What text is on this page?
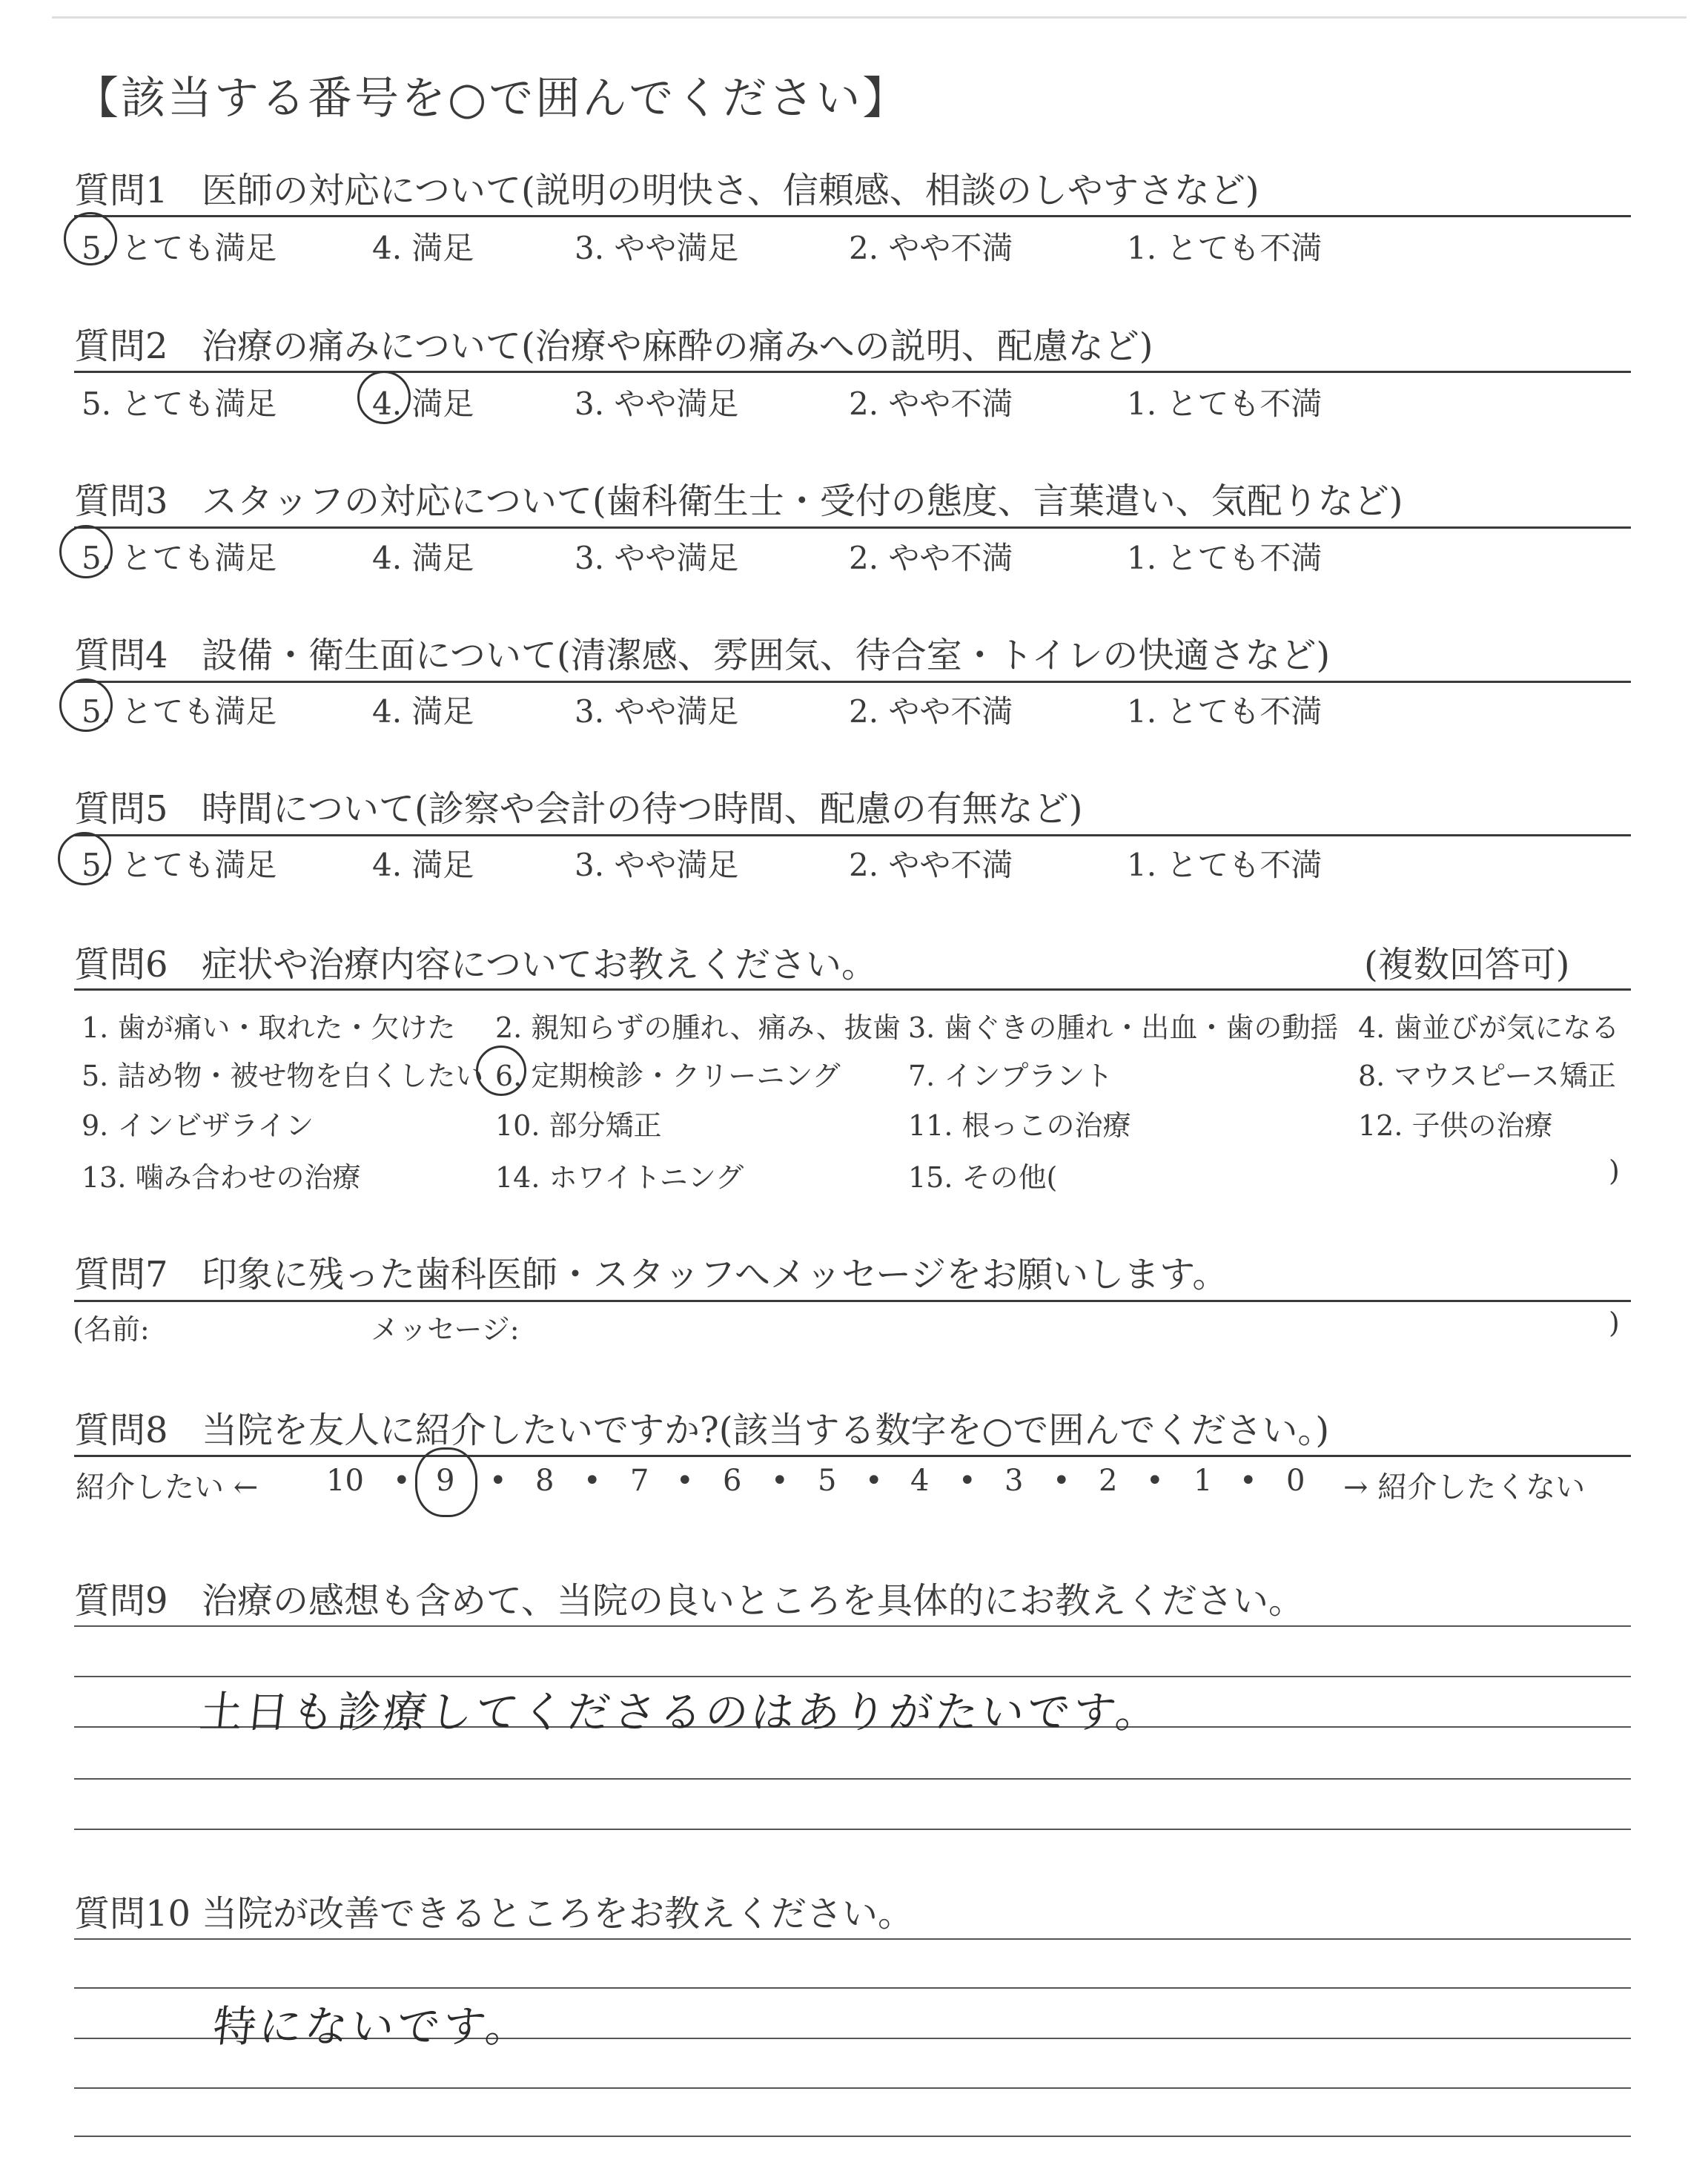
【該当する番号を○で囲んでください】
質問1 医師の対応について(説明の明快さ、信頼感、相談のしやすさなど)
5. とても満足	4. 満足	3. やや満足	2. やや不満	1. とても不満
質問2 治療の痛みについて(治療や麻酔の痛みへの説明、配慮など)
5. とても満足	4. 満足	3. やや満足	2. やや不満	1. とても不満
質問3 スタッフの対応について(歯科衛生士・受付の態度、言葉遣い、気配りなど)
5. とても満足	4. 満足	3. やや満足	2. やや不満	1. とても不満
質問4 設備・衛生面について(清潔感、雰囲気、待合室・トイレの快適さなど)
5. とても満足	4. 満足	3. やや満足	2. やや不満	1. とても不満
質問5 時間について(診察や会計の待つ時間、配慮の有無など)
5. とても満足	4. 満足	3. やや満足	2. やや不満	1. とても不満
質問6 症状や治療内容についてお教えください。	(複数回答可)
1. 歯が痛い・取れた・欠けた 2. 親知らずの腫れ、痛み、抜歯 3. 歯ぐきの腫れ・出血・歯の動揺 4. 歯並びが気になる
5. 詰め物・被せ物を白くしたい 6. 定期検診・クリーニング 7. インプラント	8. マウスピース矯正
9. インビザライン	10. 部分矯正	11. 根っこの治療	12. 子供の治療
13. 噛み合わせの治療	14. ホワイトニング	15. その他(	)
質問7 印象に残った歯科医師・スタッフへメッセージをお願いします。
(名前:	メッセージ:	)
質問8 当院を友人に紹介したいですか?(該当する数字を○で囲んでください。)
紹介したい ←	→ 紹介したくない
10 • 9 • 8 • 7 • 6 • 5 • 4 • 3 • 2 • 1 • 0
質問9 治療の感想も含めて、当院の良いところを具体的にお教えください。
土日も診療してくださるのはありがたいです。
質問10 当院が改善できるところをお教えください。
特にないです。
